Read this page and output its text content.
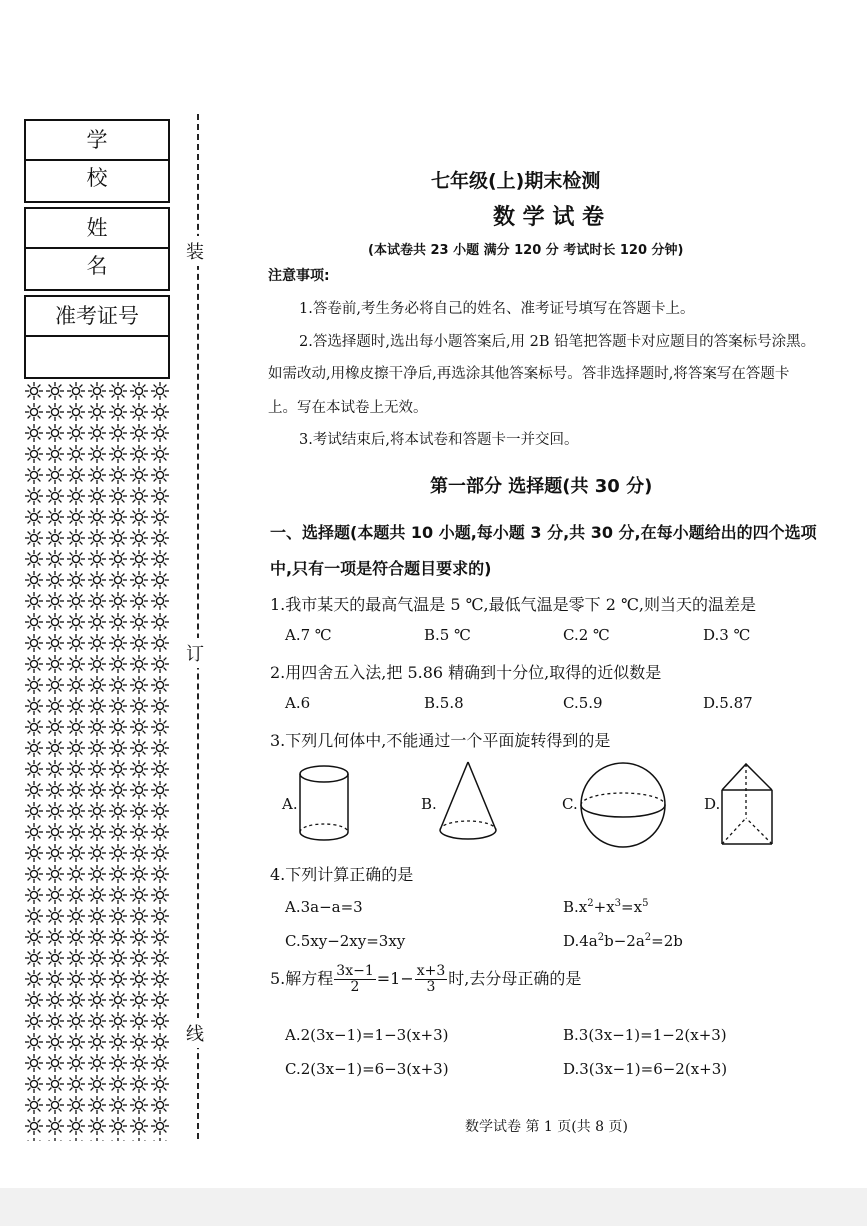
学校
姓名
准考证号
装
订
线
七年级(上)期末检测
数 学 试 卷
(本试卷共 23 小题 满分 120 分 考试时长 120 分钟)
注意事项:
1.答卷前,考生务必将自己的姓名、准考证号填写在答题卡上。
2.答选择题时,选出每小题答案后,用 2B 铅笔把答题卡对应题目的答案标号涂黑。
如需改动,用橡皮擦干净后,再选涂其他答案标号。答非选择题时,将答案写在答题卡
上。写在本试卷上无效。
3.考试结束后,将本试卷和答题卡一并交回。
第一部分 选择题(共 30 分)
一、选择题(本题共 10 小题,每小题 3 分,共 30 分,在每小题给出的四个选项
中,只有一项是符合题目要求的)
1.我市某天的最高气温是 5 ℃,最低气温是零下 2 ℃,则当天的温差是
A.7 ℃	B.5 ℃	C.2 ℃	D.3 ℃
2.用四舍五入法,把 5.86 精确到十分位,取得的近似数是
A.6	B.5.8	C.5.9	D.5.87
3.下列几何体中,不能通过一个平面旋转得到的是
A.	B.	C.	D.
4.下列计算正确的是
A.3a−a=3	$B.x^2+x^3=x^5$
C.5xy−2xy=3xy	$D.4a^2b-2a^2=2b$
5.解方程 $\frac{3x-1}{2} =1- \frac{x+3}{3}$ 时,去分母正确的是
A.2(3x−1)=1−3(x+3)	B.3(3x−1)=1−2(x+3)
C.2(3x−1)=6−3(x+3)	D.3(3x−1)=6−2(x+3)
数学试卷 第 1 页(共 8 页)
